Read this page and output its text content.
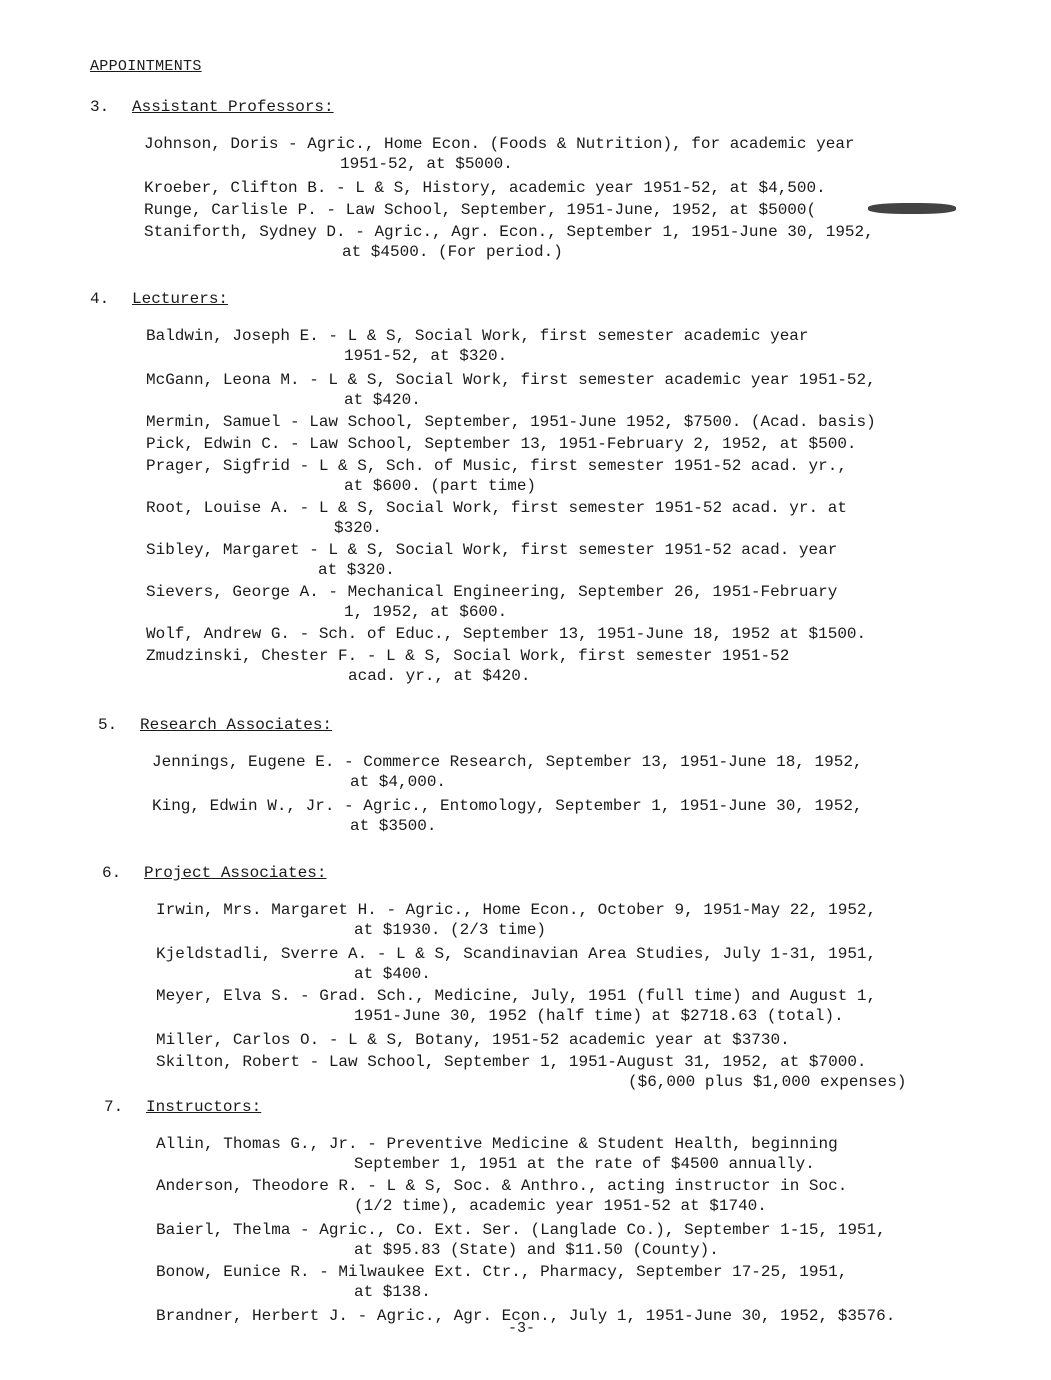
APPOINTMENTS
3. Assistant Professors:
Johnson, Doris - Agric., Home Econ. (Foods & Nutrition), for academic year
1951-52, at $5000.
Kroeber, Clifton B. - L & S, History, academic year 1951-52, at $4,500.
Runge, Carlisle P. - Law School, September, 1951-June, 1952, at $5000(
Staniforth, Sydney D. - Agric., Agr. Econ., September 1, 1951-June 30, 1952,
at $4500. (For period.)
4. Lecturers:
Baldwin, Joseph E. - L & S, Social Work, first semester academic year
1951-52, at $320.
McGann, Leona M. - L & S, Social Work, first semester academic year 1951-52,
at $420.
Mermin, Samuel - Law School, September, 1951-June 1952, $7500. (Acad. basis)
Pick, Edwin C. - Law School, September 13, 1951-February 2, 1952, at $500.
Prager, Sigfrid - L & S, Sch. of Music, first semester 1951-52 acad. yr.,
at $600. (part time)
Root, Louise A. - L & S, Social Work, first semester 1951-52 acad. yr. at
$320.
Sibley, Margaret - L & S, Social Work, first semester 1951-52 acad. year
at $320.
Sievers, George A. - Mechanical Engineering, September 26, 1951-February
1, 1952, at $600.
Wolf, Andrew G. - Sch. of Educ., September 13, 1951-June 18, 1952 at $1500.
Zmudzinski, Chester F. - L & S, Social Work, first semester 1951-52
acad. yr., at $420.
5. Research Associates:
Jennings, Eugene E. - Commerce Research, September 13, 1951-June 18, 1952,
at $4,000.
King, Edwin W., Jr. - Agric., Entomology, September 1, 1951-June 30, 1952,
at $3500.
6. Project Associates:
Irwin, Mrs. Margaret H. - Agric., Home Econ., October 9, 1951-May 22, 1952,
at $1930. (2/3 time)
Kjeldstadli, Sverre A. - L & S, Scandinavian Area Studies, July 1-31, 1951,
at $400.
Meyer, Elva S. - Grad. Sch., Medicine, July, 1951 (full time) and August 1,
1951-June 30, 1952 (half time) at $2718.63 (total).
Miller, Carlos O. - L & S, Botany, 1951-52 academic year at $3730.
Skilton, Robert - Law School, September 1, 1951-August 31, 1952, at $7000.
($6,000 plus $1,000 expenses)
7. Instructors:
Allin, Thomas G., Jr. - Preventive Medicine & Student Health, beginning
September 1, 1951 at the rate of $4500 annually.
Anderson, Theodore R. - L & S, Soc. & Anthro., acting instructor in Soc.
(1/2 time), academic year 1951-52 at $1740.
Baierl, Thelma - Agric., Co. Ext. Ser. (Langlade Co.), September 1-15, 1951,
at $95.83 (State) and $11.50 (County).
Bonow, Eunice R. - Milwaukee Ext. Ctr., Pharmacy, September 17-25, 1951,
at $138.
Brandner, Herbert J. - Agric., Agr. Econ., July 1, 1951-June 30, 1952, $3576.
-3-
